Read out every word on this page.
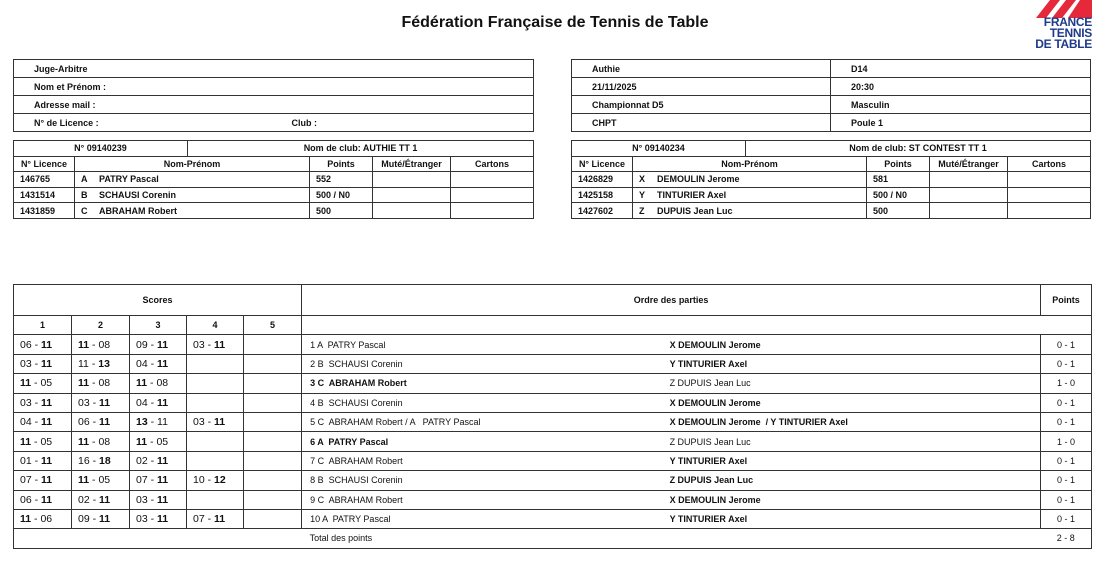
Fédération Française de Tennis de Table	FRANCE
TENNIS
DE TABLE
Juge-Arbitre
Nom et Prénom :
Adresse mail :
N° de Licence :	Club :
Authie	D14
21/11/2025	20:30
Championnat D5	Masculin
CHPT	Poule 1
N° 09140239		Nom de club: AUTHIE TT 1			
N° Licence	Nom-Prénom		Points	Muté/Étranger	Cartons
146765	A PATRY Pascal		552		
1431514	B SCHAUSI Corenin		500 / N0		
1431859	C ABRAHAM Robert		500		
N° 09140234		Nom de club: ST CONTEST TT 1			
N° Licence	Nom-Prénom		Points	Muté/Étranger	Cartons
1426829	X DEMOULIN Jerome		581		
1425158	Y TINTURIER Axel		500 / N0		
1427602	Z DUPUIS Jean Luc		500		
Scores					Ordre des parties		Points
1	2	3	4	5			
06 - 11	11 - 08	09 - 11	03 - 11		1 A  PATRY Pascal	X DEMOULIN Jerome	0 - 1
03 - 11	11 - 13	04 - 11			2 B  SCHAUSI Corenin	Y TINTURIER Axel	0 - 1
11 - 05	11 - 08	11 - 08			3 C  ABRAHAM Robert	Z DUPUIS Jean Luc	1 - 0
03 - 11	03 - 11	04 - 11			4 B  SCHAUSI Corenin	X DEMOULIN Jerome	0 - 1
04 - 11	06 - 11	13 - 11	03 - 11		5 C  ABRAHAM Robert / A   PATRY Pascal	X DEMOULIN Jerome  / Y TINTURIER Axel	0 - 1
11 - 05	11 - 08	11 - 05			6 A  PATRY Pascal	Z DUPUIS Jean Luc	1 - 0
01 - 11	16 - 18	02 - 11			7 C  ABRAHAM Robert	Y TINTURIER Axel	0 - 1
07 - 11	11 - 05	07 - 11	10 - 12		8 B  SCHAUSI Corenin	Z DUPUIS Jean Luc	0 - 1
06 - 11	02 - 11	03 - 11			9 C  ABRAHAM Robert	X DEMOULIN Jerome	0 - 1
11 - 06	09 - 11	03 - 11	07 - 11		10 A  PATRY Pascal	Y TINTURIER Axel	0 - 1
					Total des points		2 - 8
